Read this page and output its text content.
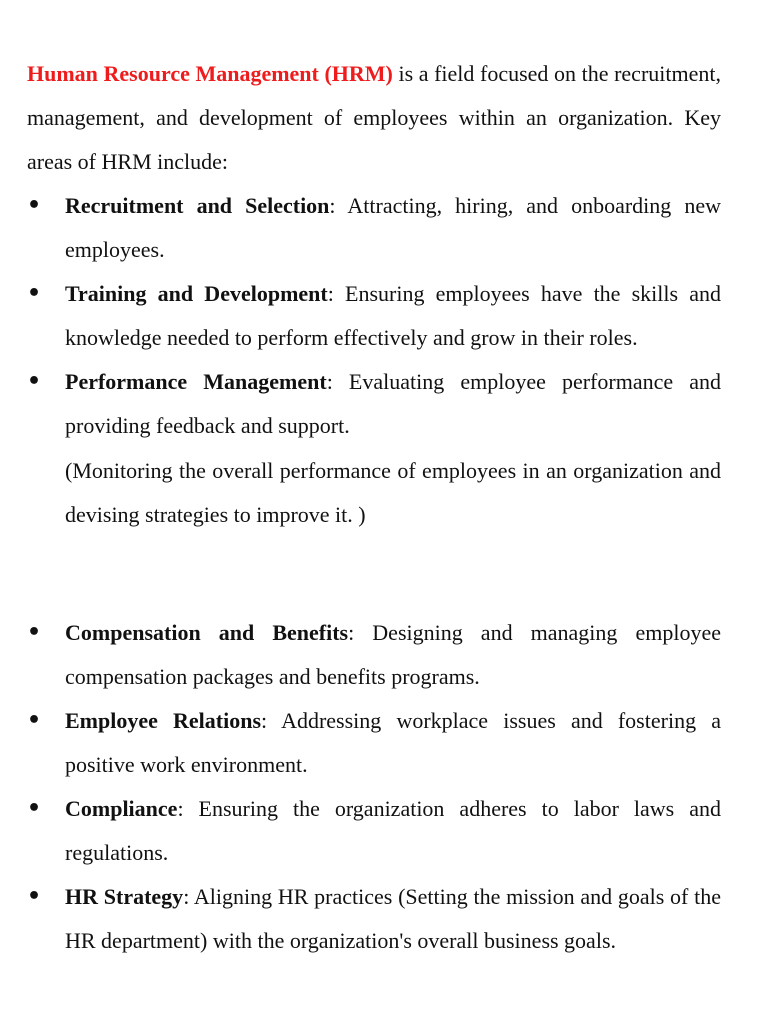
Human Resource Management (HRM) is a field focused on the recruitment, management, and development of employees within an organization. Key areas of HRM include:

• Recruitment and Selection: Attracting, hiring, and onboarding new employees.
• Training and Development: Ensuring employees have the skills and knowledge needed to perform effectively and grow in their roles.
• Performance Management: Evaluating employee performance and providing feedback and support.
(Monitoring the overall performance of employees in an organization and devising strategies to improve it. )
• Compensation and Benefits: Designing and managing employee compensation packages and benefits programs.
• Employee Relations: Addressing workplace issues and fostering a positive work environment.
• Compliance: Ensuring the organization adheres to labor laws and regulations.
• HR Strategy: Aligning HR practices (Setting the mission and goals of the HR department) with the organization's overall business goals.
